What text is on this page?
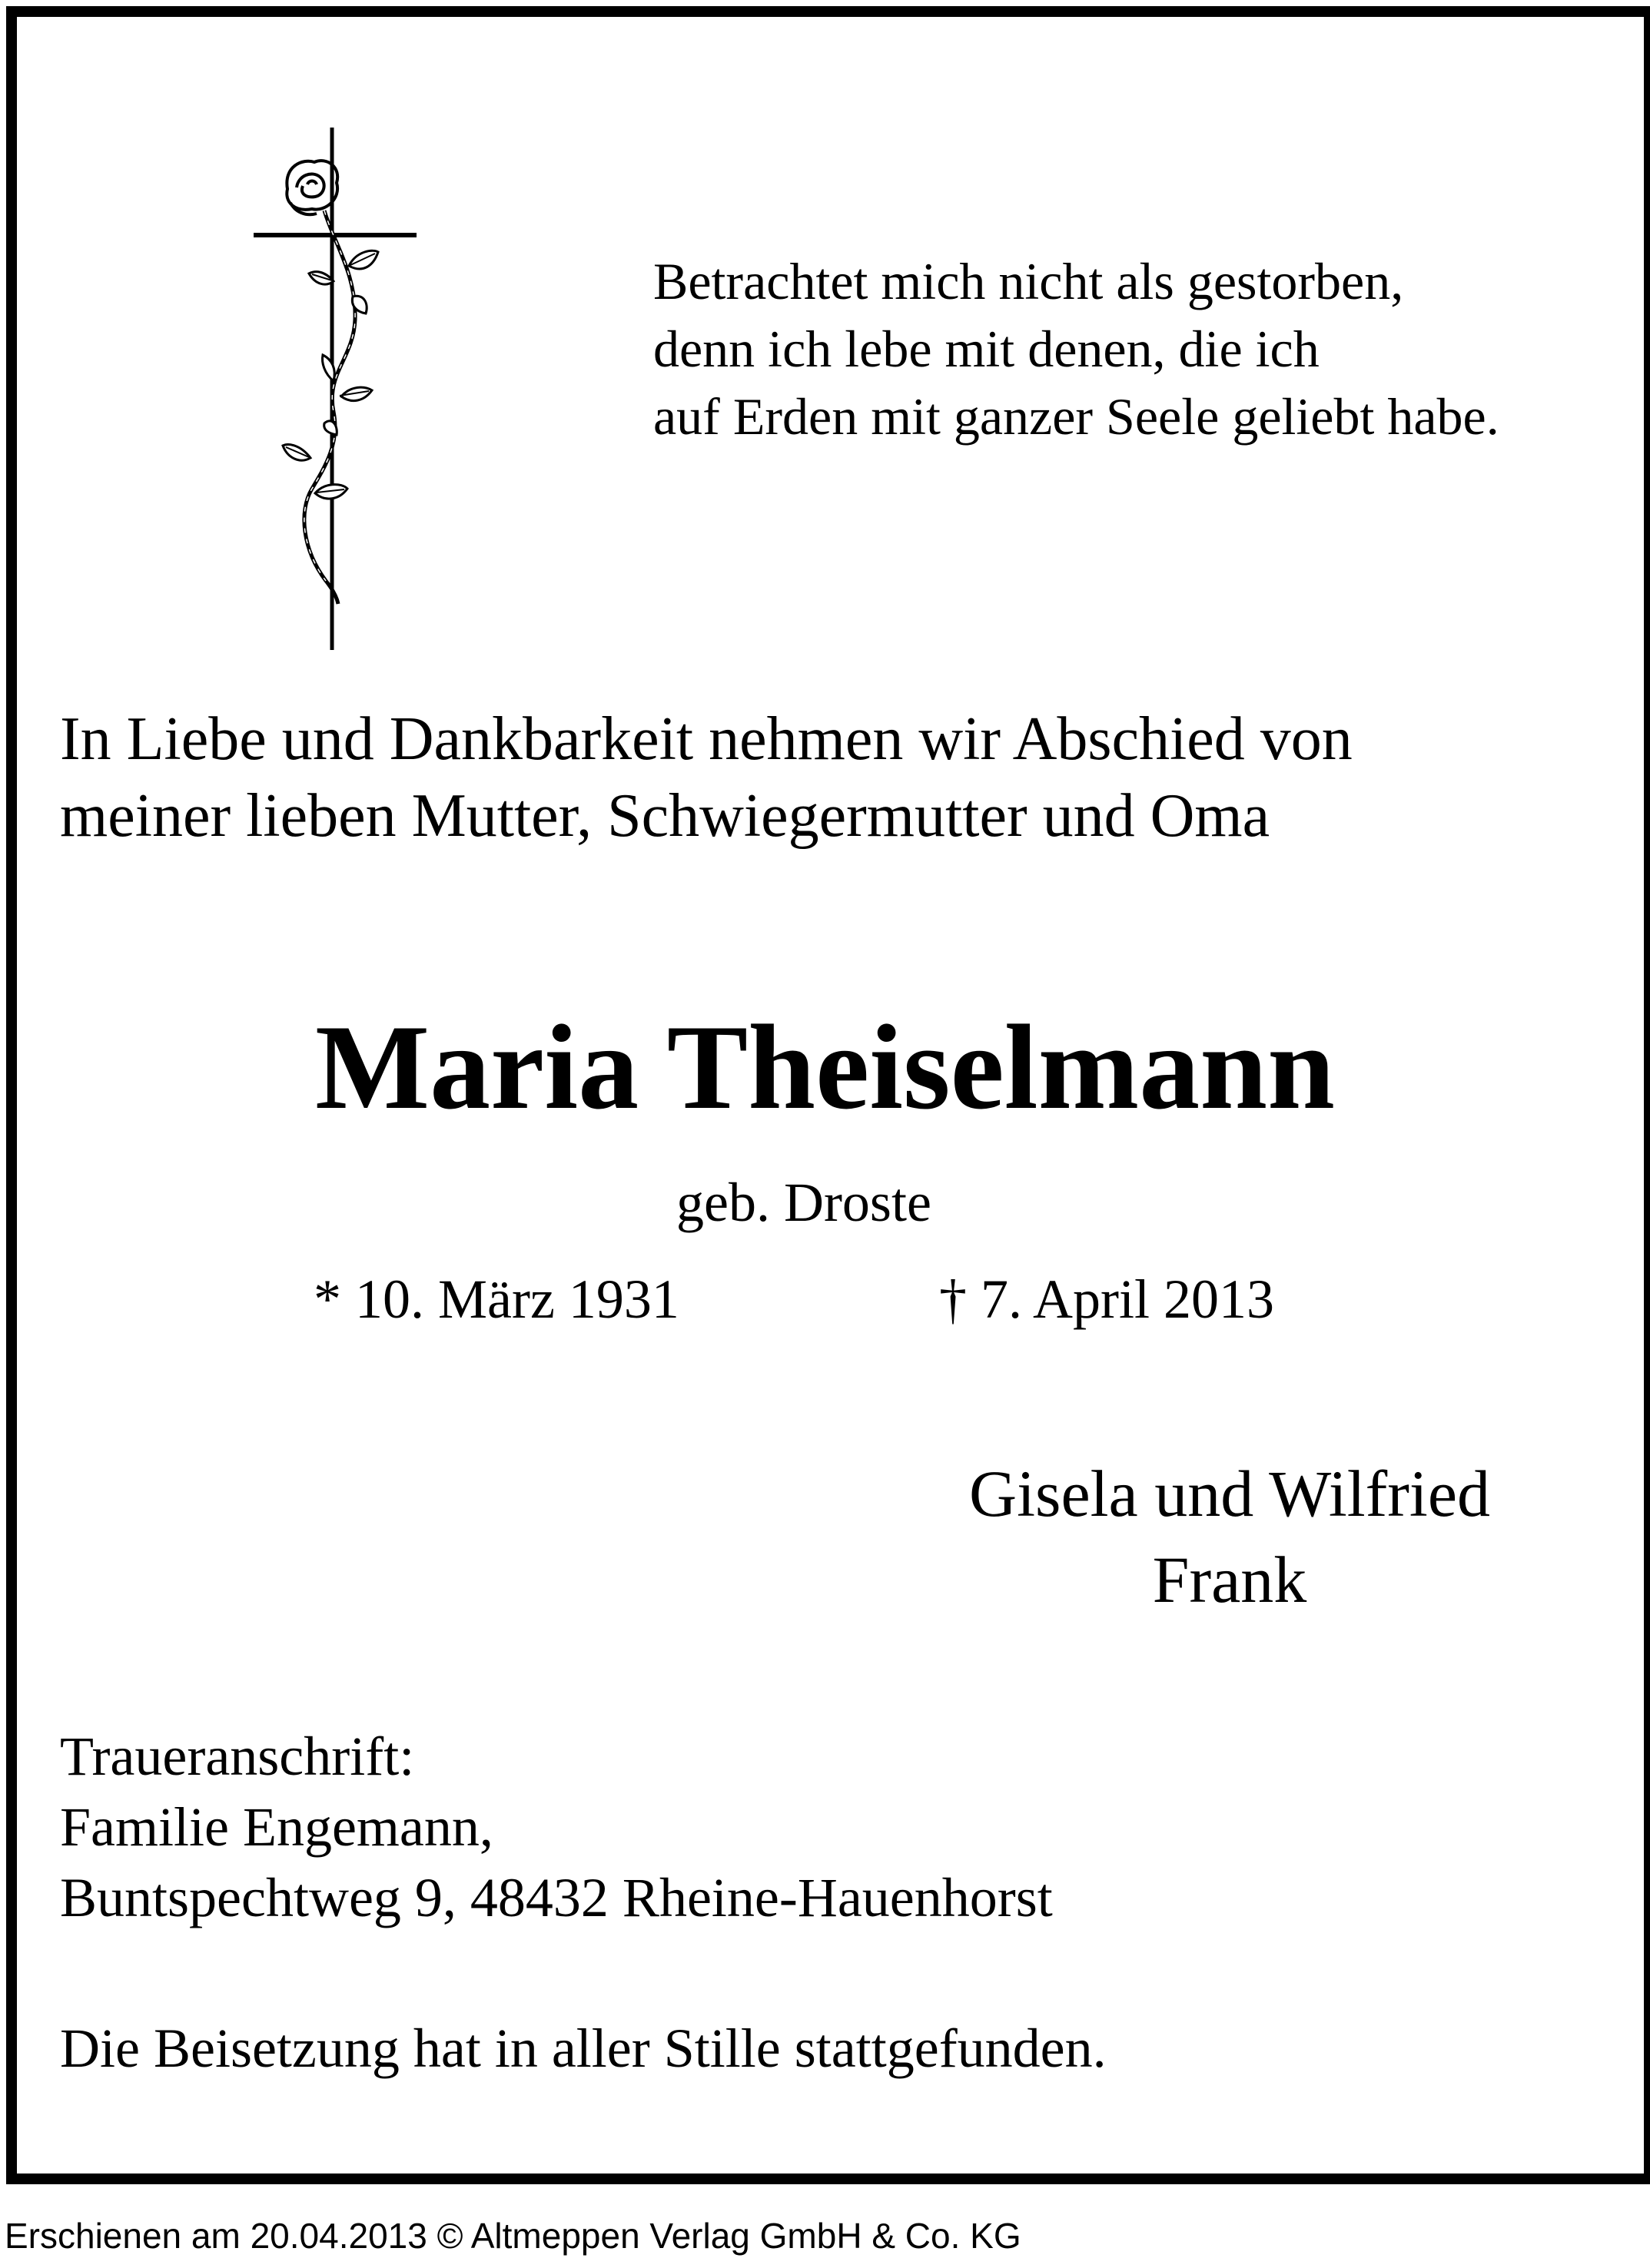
Betrachtet mich nicht als gestorben,
denn ich lebe mit denen, die ich
auf Erden mit ganzer Seele geliebt habe.
In Liebe und Dankbarkeit nehmen wir Abschied von
meiner lieben Mutter, Schwiegermutter und Oma
Maria Theiselmann
geb. Droste
* 10. März 1931	† 7. April 2013
Gisela und Wilfried
Frank
Traueranschrift:
Familie Engemann,
Buntspechtweg 9, 48432 Rheine-Hauenhorst
Die Beisetzung hat in aller Stille stattgefunden.
Erschienen am 20.04.2013 © Altmeppen Verlag GmbH & Co. KG
